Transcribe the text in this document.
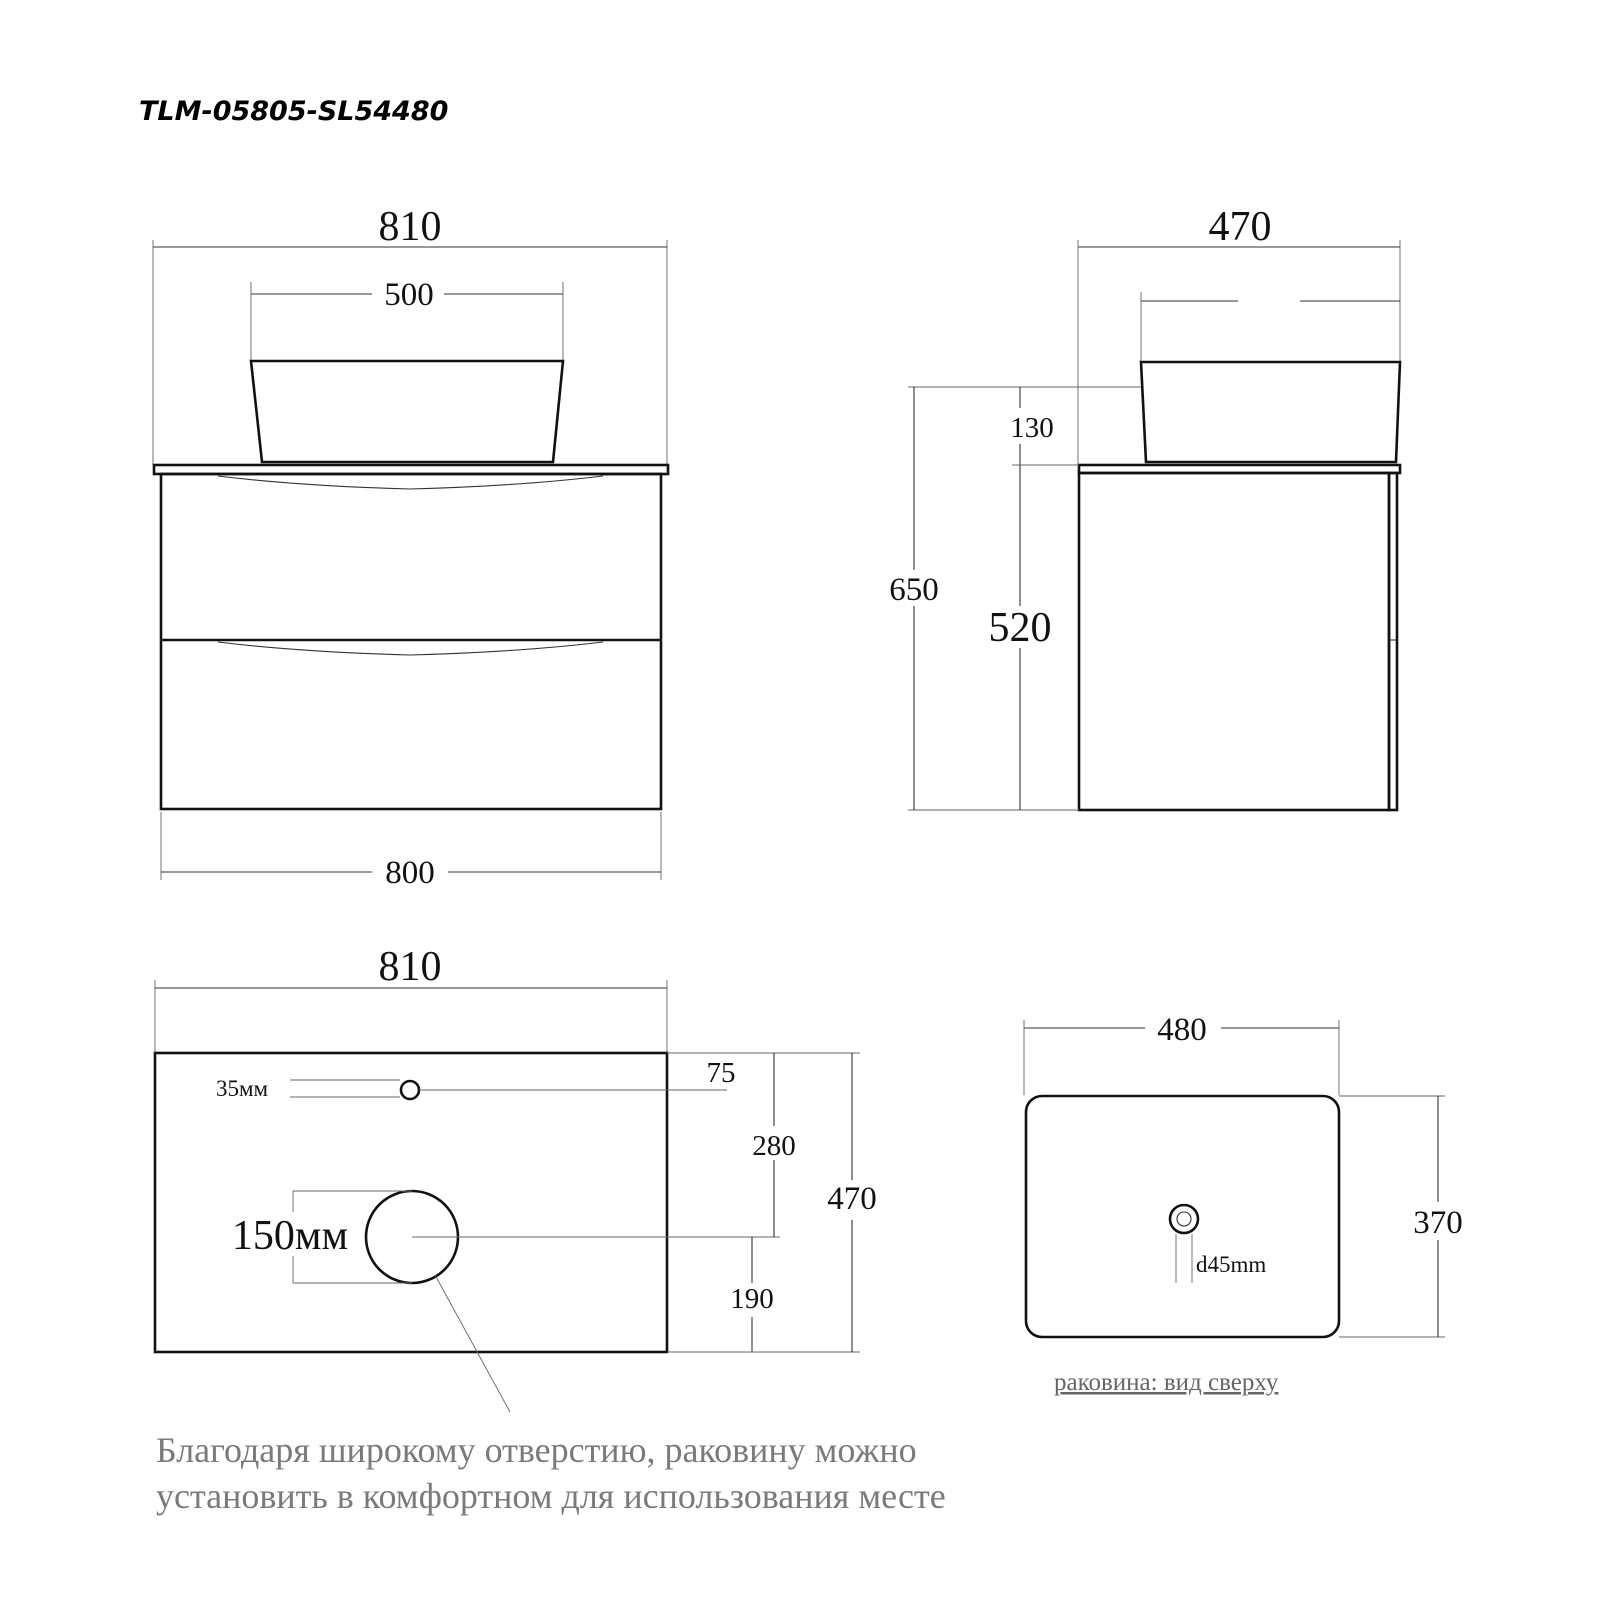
TLM-05805-SL54480
810
500
800
470
650
130
520
810
35мм	75
150мм
280
190
470
480
d45mm
370
раковина: вид сверху
Благодаря широкому отверстию, раковину можно
установить в комфортном для использования месте
